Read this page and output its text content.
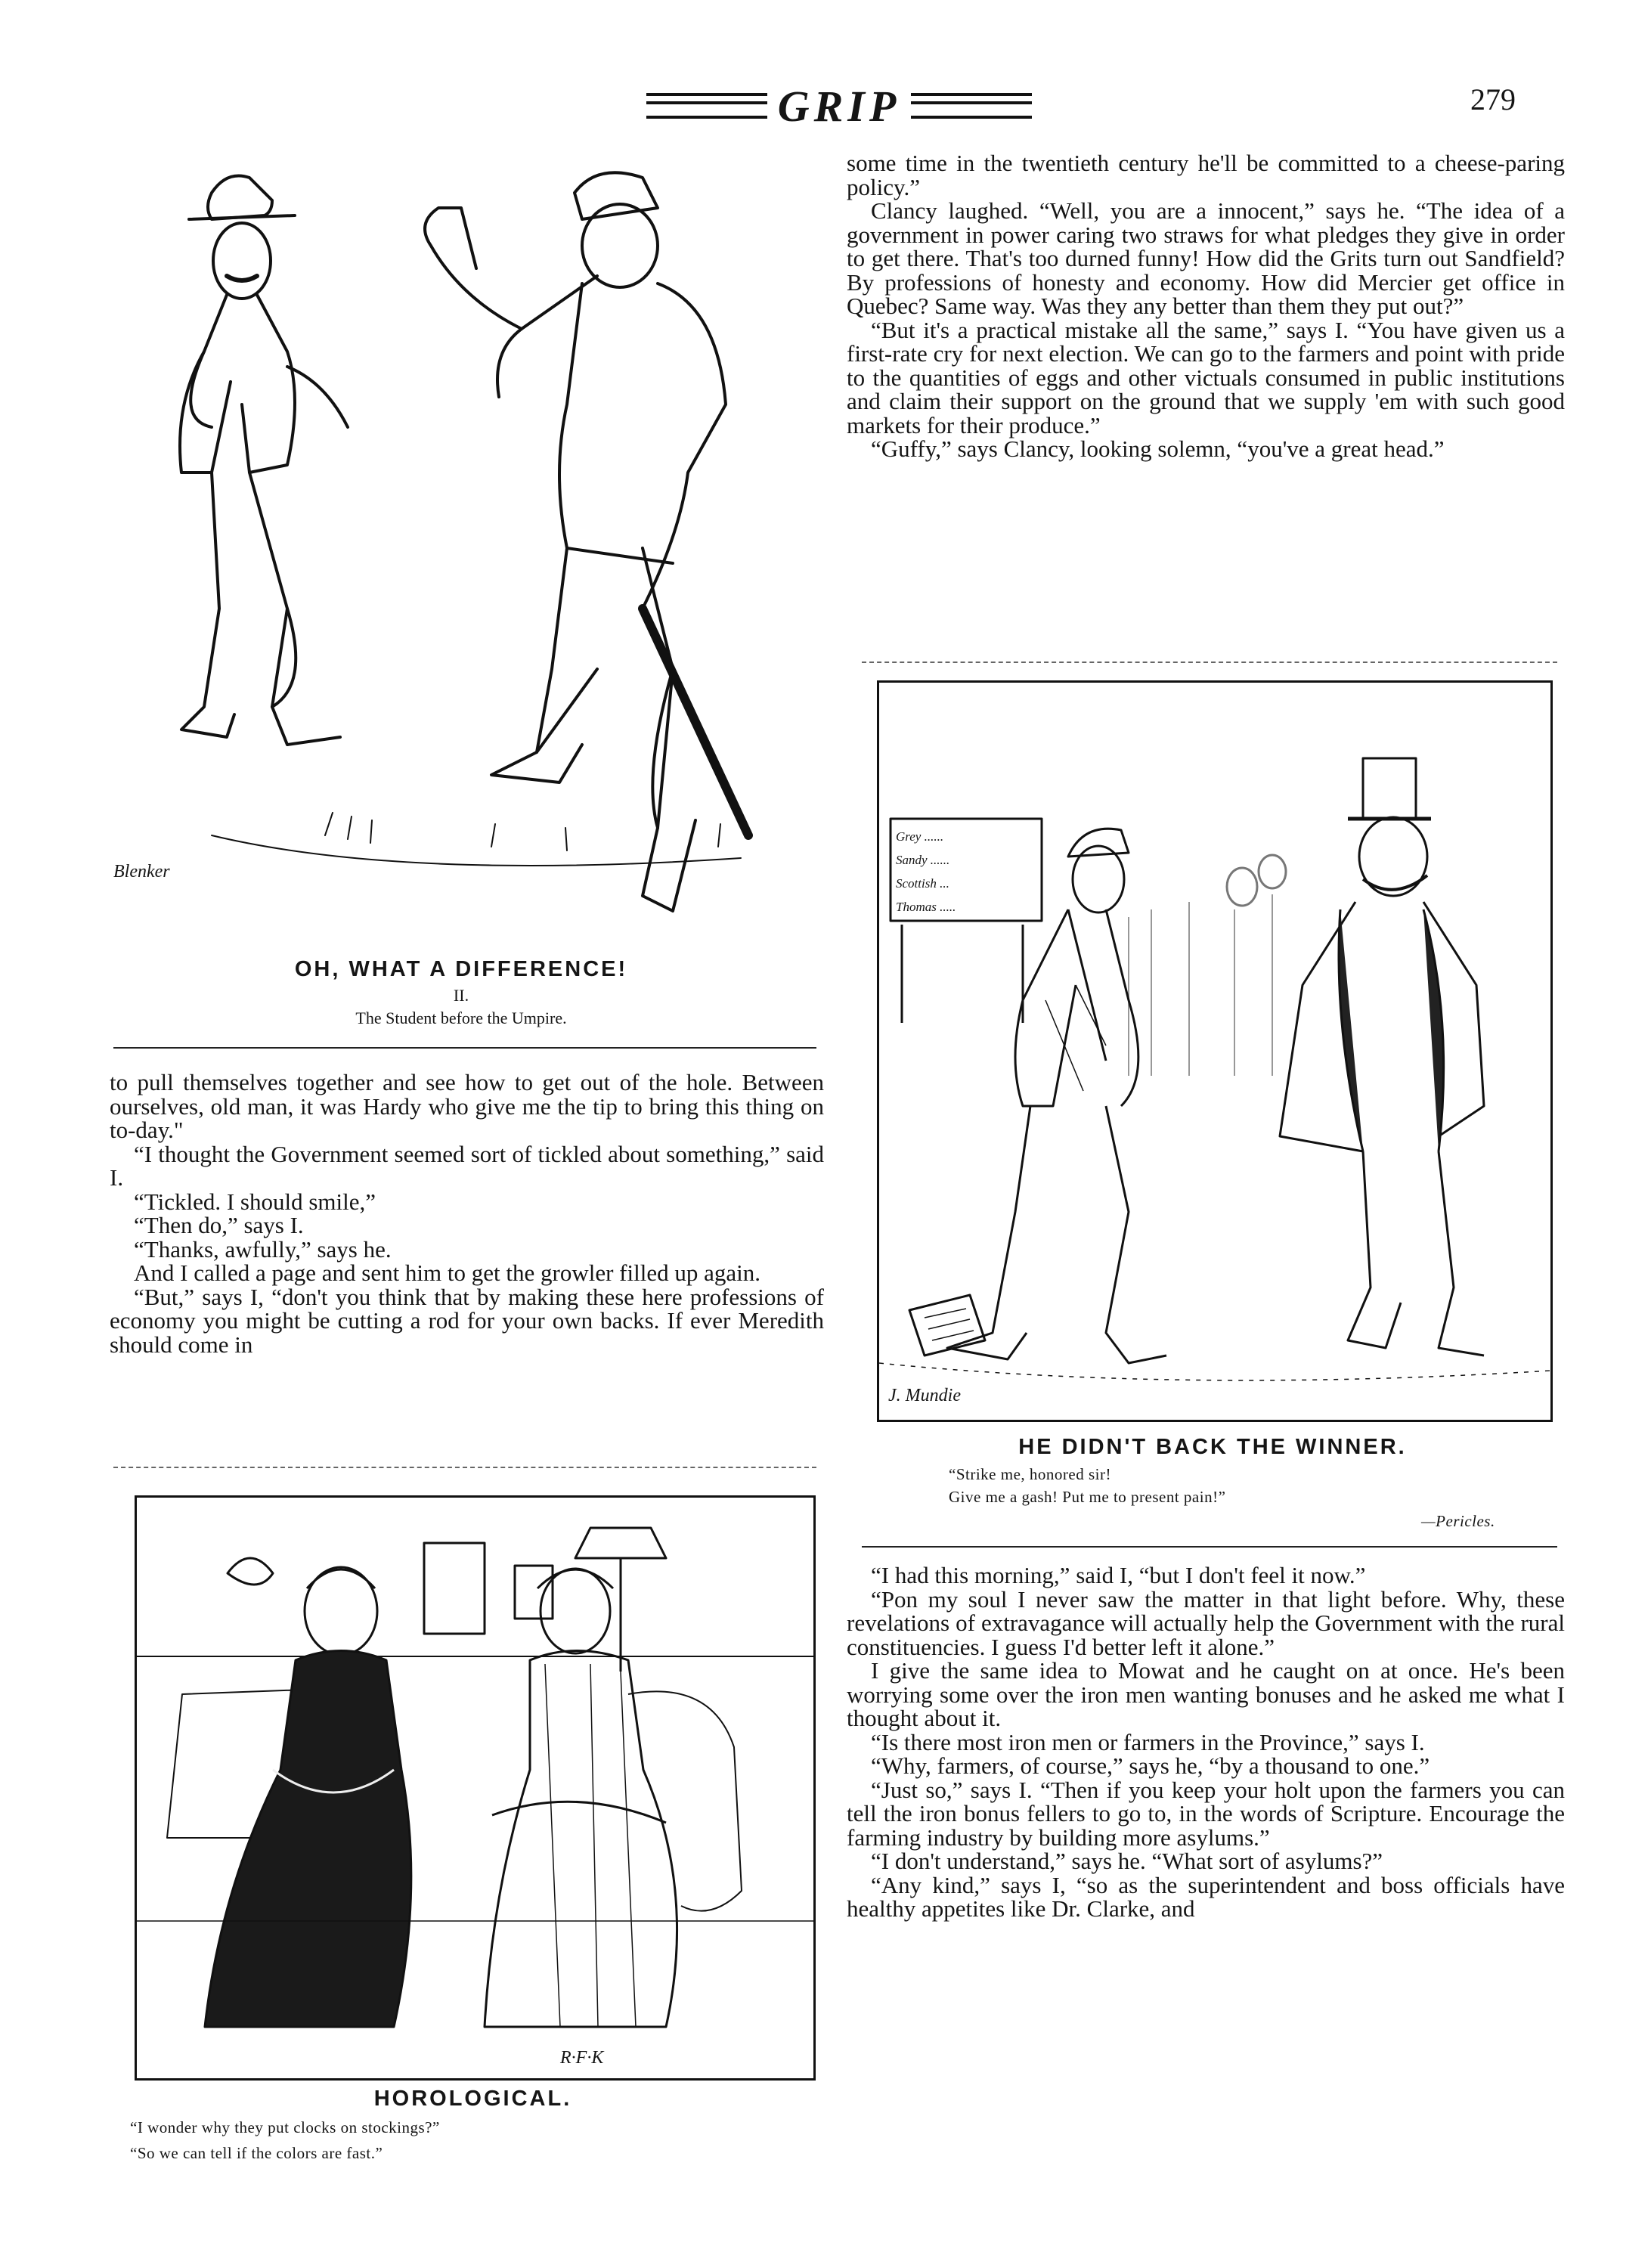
GRIP	279
Blenker
OH, WHAT A DIFFERENCE!
II.
The Student before the Umpire.

to pull themselves together and see how to get out of the hole. Between ourselves, old man, it was Hardy who give me the tip to bring this thing on to-day."

“I thought the Government seemed sort of tickled about something,” said I.

“Tickled. I should smile,”

“Then do,” says I.

“Thanks, awfully,” says he.

And I called a page and sent him to get the growler filled up again.

“But,” says I, “don't you think that by making these here professions of economy you might be cutting a rod for your own backs. If ever Meredith should come in

R·F·K
HOROLOGICAL.
“I wonder why they put clocks on stockings?”
“So we can tell if the colors are fast.”

some time in the twentieth century he'll be committed to a cheese-paring policy.”

Clancy laughed. “Well, you are a innocent,” says he. “The idea of a government in power caring two straws for what pledges they give in order to get there. That's too durned funny! How did the Grits turn out Sandfield? By professions of honesty and economy. How did Mercier get office in Quebec? Same way. Was they any better than them they put out?”

“But it's a practical mistake all the same,” says I. “You have given us a first-rate cry for next election. We can go to the farmers and point with pride to the quantities of eggs and other victuals consumed in public institutions and claim their support on the ground that we supply 'em with such good markets for their produce.”

“Guffy,” says Clancy, looking solemn, “you've a great head.”

Grey ......
Sandy ......
Scottish ...
Thomas .....
J. Mundie
HE DIDN'T BACK THE WINNER.
“Strike me, honored sir!
Give me a gash! Put me to present pain!”
—Pericles.

“I had this morning,” said I, “but I don't feel it now.”

“Pon my soul I never saw the matter in that light before. Why, these revelations of extravagance will actually help the Government with the rural constituencies. I guess I'd better left it alone.”

I give the same idea to Mowat and he caught on at once. He's been worrying some over the iron men wanting bonuses and he asked me what I thought about it.

“Is there most iron men or farmers in the Province,” says I.

“Why, farmers, of course,” says he, “by a thousand to one.”

“Just so,” says I. “Then if you keep your holt upon the farmers you can tell the iron bonus fellers to go to, in the words of Scripture. Encourage the farming industry by building more asylums.”

“I don't understand,” says he. “What sort of asylums?”

“Any kind,” says I, “so as the superintendent and boss officials have healthy appetites like Dr. Clarke, and
